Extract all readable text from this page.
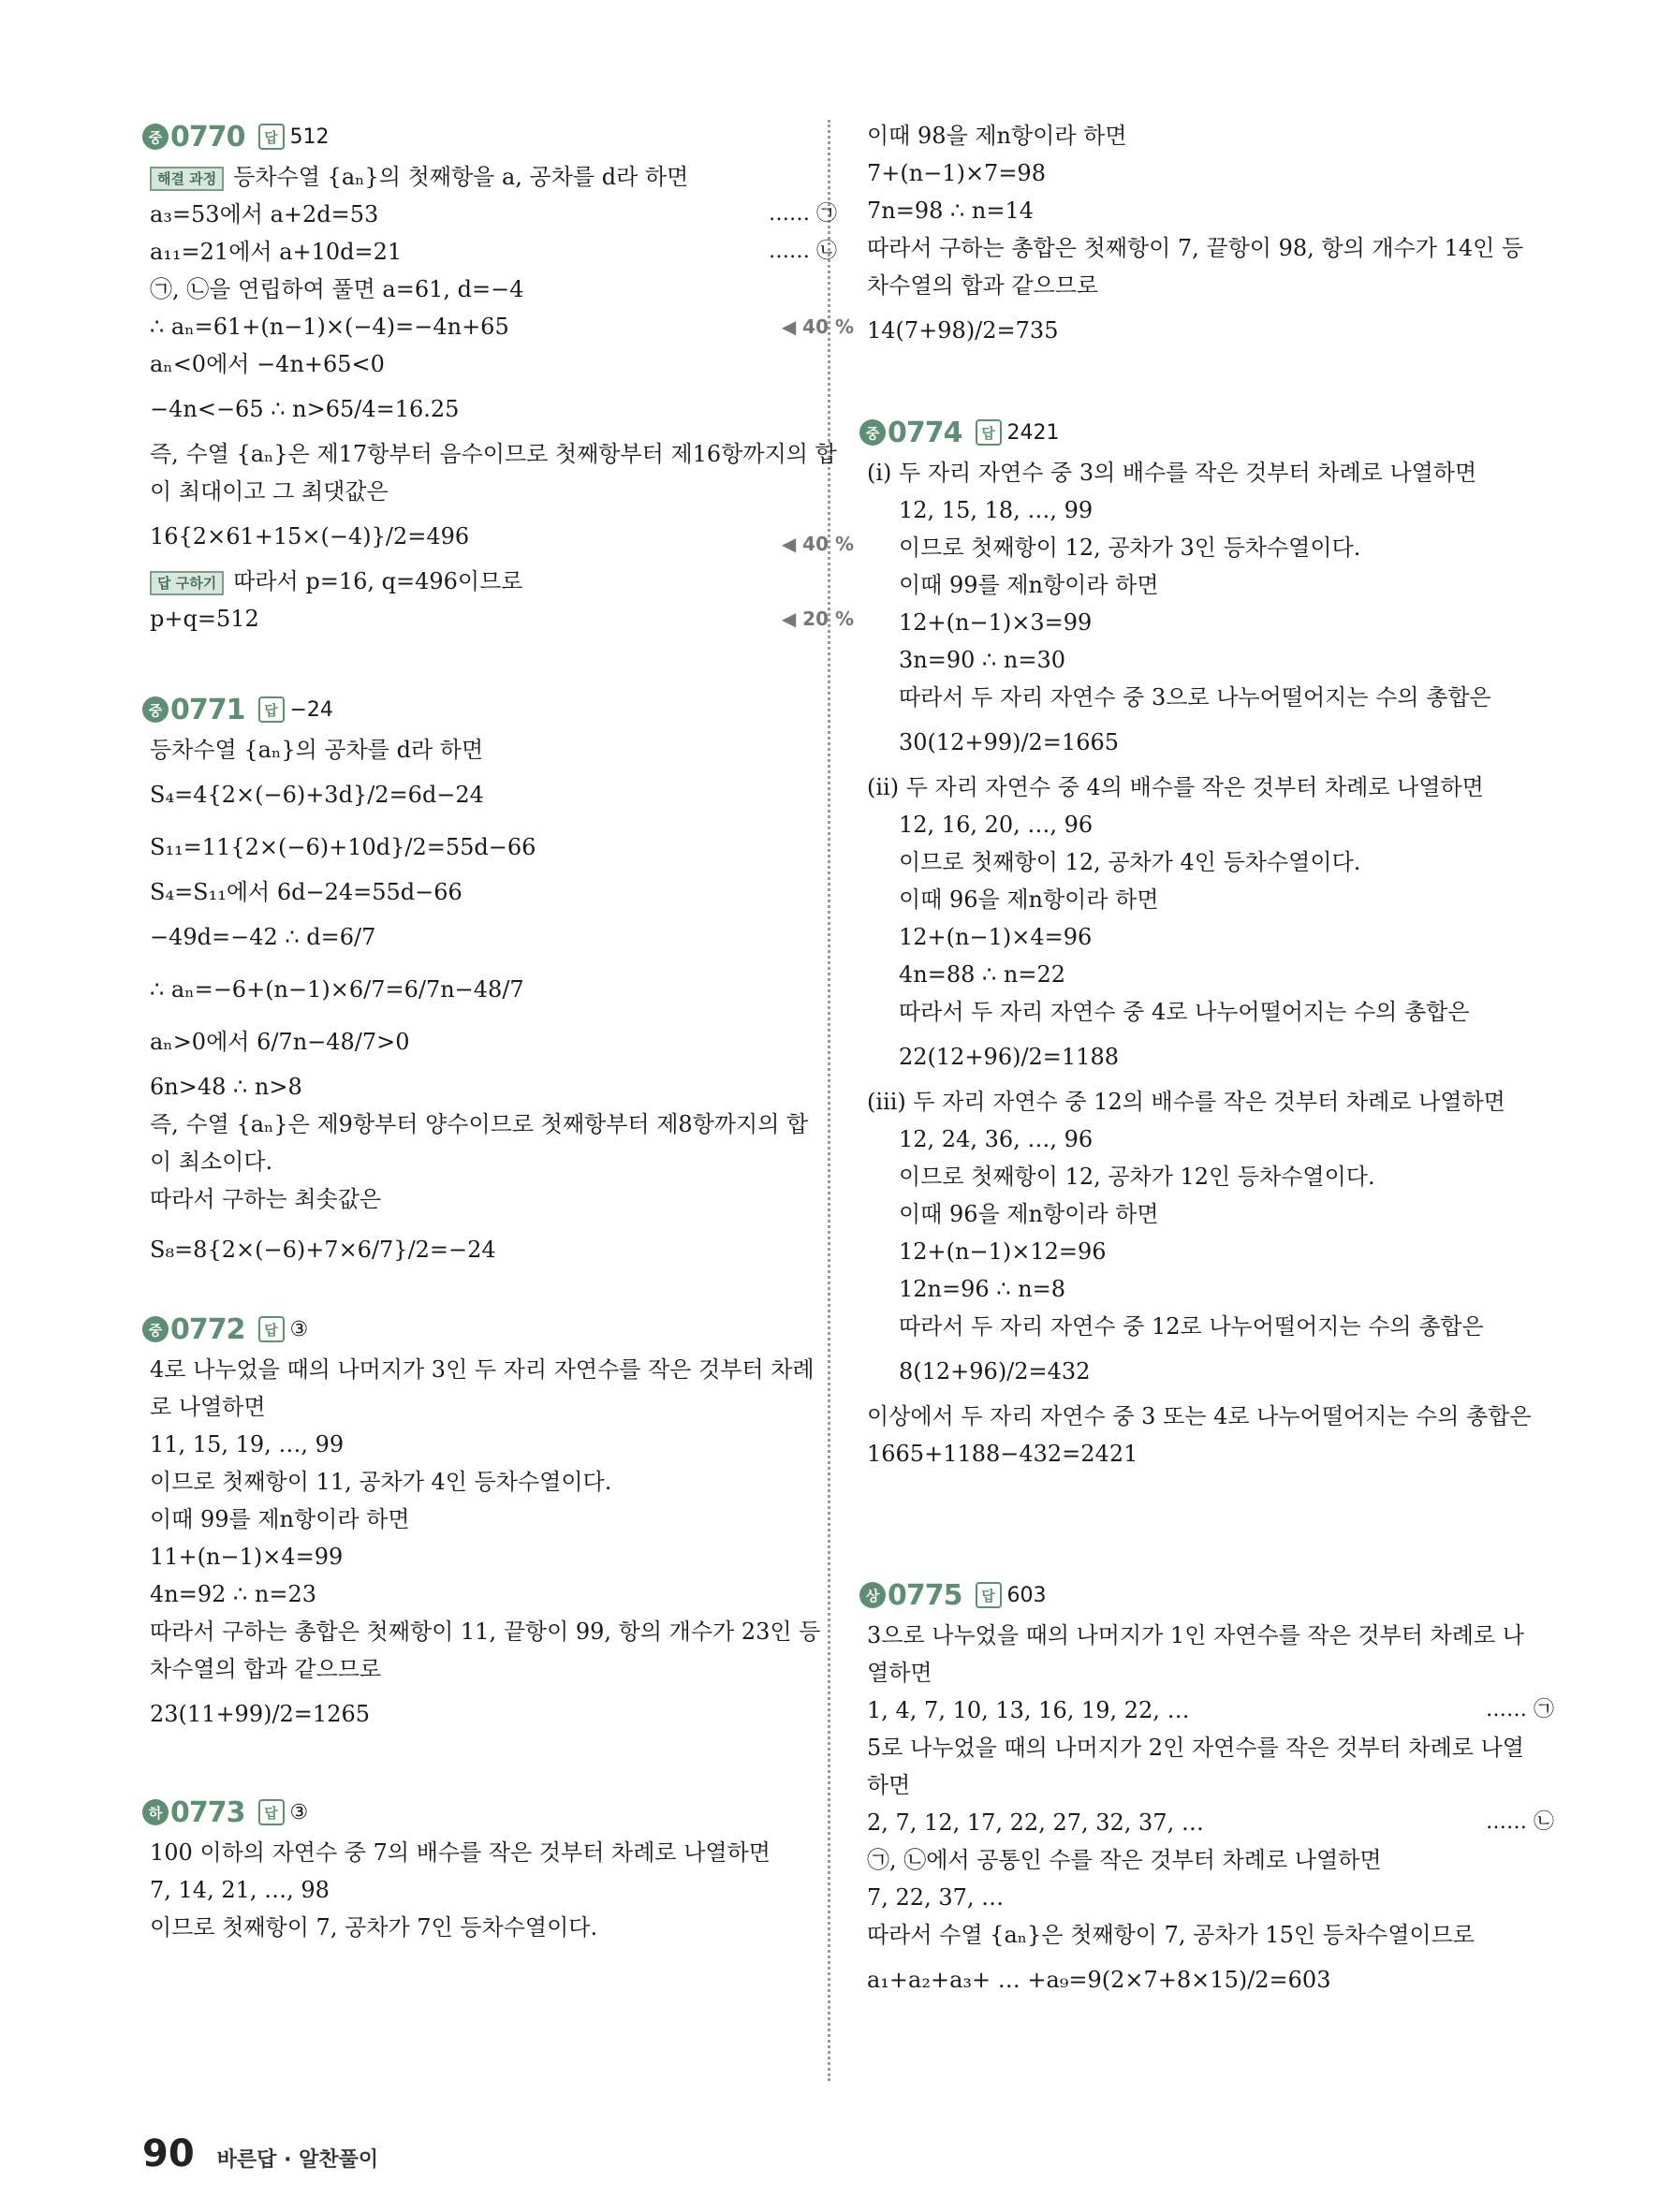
중 0770	답 512
해결 과정 등차수열 {aₙ}의 첫째항을 a, 공차를 d라 하면
a₃=53에서 a+2d=53	…… ㉠
a₁₁=21에서 a+10d=21	…… ㉡
㉠, ㉡을 연립하여 풀면 a=61, d=−4
∴ aₙ=61+(n−1)×(−4)=−4n+65	◀ 40 %
aₙ<0에서 −4n+65<0
−4n<−65 ∴ n>65/4=16.25
즉, 수열 {aₙ}은 제17항부터 음수이므로 첫째항부터 제16항까지의 합
이 최대이고 그 최댓값은
16{2×61+15×(−4)}/2=496	◀ 40 %
답 구하기 따라서 p=16, q=496이므로
p+q=512	◀ 20 %
중 0771	답 −24
등차수열 {aₙ}의 공차를 d라 하면
S₄=4{2×(−6)+3d}/2=6d−24
S₁₁=11{2×(−6)+10d}/2=55d−66
S₄=S₁₁에서 6d−24=55d−66
−49d=−42 ∴ d=6/7
∴ aₙ=−6+(n−1)×6/7=6/7n−48/7
aₙ>0에서 6/7n−48/7>0
6n>48 ∴ n>8
즉, 수열 {aₙ}은 제9항부터 양수이므로 첫째항부터 제8항까지의 합
이 최소이다.
따라서 구하는 최솟값은
S₈=8{2×(−6)+7×6/7}/2=−24
중 0772	답 ③
4로 나누었을 때의 나머지가 3인 두 자리 자연수를 작은 것부터 차례
로 나열하면
11, 15, 19, …, 99
이므로 첫째항이 11, 공차가 4인 등차수열이다.
이때 99를 제n항이라 하면
11+(n−1)×4=99
4n=92 ∴ n=23
따라서 구하는 총합은 첫째항이 11, 끝항이 99, 항의 개수가 23인 등
차수열의 합과 같으므로
23(11+99)/2=1265
하 0773	답 ③
100 이하의 자연수 중 7의 배수를 작은 것부터 차례로 나열하면
7, 14, 21, …, 98
이므로 첫째항이 7, 공차가 7인 등차수열이다.
이때 98을 제n항이라 하면
7+(n−1)×7=98
7n=98 ∴ n=14
따라서 구하는 총합은 첫째항이 7, 끝항이 98, 항의 개수가 14인 등
차수열의 합과 같으므로
14(7+98)/2=735
중 0774	답 2421
(ⅰ) 두 자리 자연수 중 3의 배수를 작은 것부터 차례로 나열하면
12, 15, 18, …, 99
이므로 첫째항이 12, 공차가 3인 등차수열이다.
이때 99를 제n항이라 하면
12+(n−1)×3=99
3n=90 ∴ n=30
따라서 두 자리 자연수 중 3으로 나누어떨어지는 수의 총합은
30(12+99)/2=1665
(ⅱ) 두 자리 자연수 중 4의 배수를 작은 것부터 차례로 나열하면
12, 16, 20, …, 96
이므로 첫째항이 12, 공차가 4인 등차수열이다.
이때 96을 제n항이라 하면
12+(n−1)×4=96
4n=88 ∴ n=22
따라서 두 자리 자연수 중 4로 나누어떨어지는 수의 총합은
22(12+96)/2=1188
(ⅲ) 두 자리 자연수 중 12의 배수를 작은 것부터 차례로 나열하면
12, 24, 36, …, 96
이므로 첫째항이 12, 공차가 12인 등차수열이다.
이때 96을 제n항이라 하면
12+(n−1)×12=96
12n=96 ∴ n=8
따라서 두 자리 자연수 중 12로 나누어떨어지는 수의 총합은
8(12+96)/2=432
이상에서 두 자리 자연수 중 3 또는 4로 나누어떨어지는 수의 총합은
1665+1188−432=2421
상 0775	답 603
3으로 나누었을 때의 나머지가 1인 자연수를 작은 것부터 차례로 나
열하면
1, 4, 7, 10, 13, 16, 19, 22, …	…… ㉠
5로 나누었을 때의 나머지가 2인 자연수를 작은 것부터 차례로 나열
하면
2, 7, 12, 17, 22, 27, 32, 37, …	…… ㉡
㉠, ㉡에서 공통인 수를 작은 것부터 차례로 나열하면
7, 22, 37, …
따라서 수열 {aₙ}은 첫째항이 7, 공차가 15인 등차수열이므로
a₁+a₂+a₃+ … +a₉=9(2×7+8×15)/2=603
90 바른답 · 알찬풀이
